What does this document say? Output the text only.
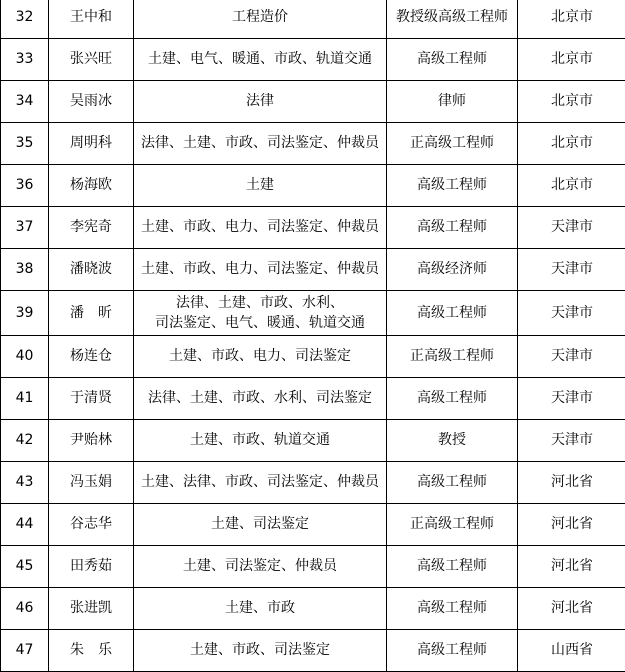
32	王中和	工程造价	教授级高级工程师	北京市
33	张兴旺	土建、电气、暖通、市政、轨道交通	高级工程师	北京市
34	吴雨冰	法律	律师	北京市
35	周明科	法律、土建、市政、司法鉴定、仲裁员	正高级工程师	北京市
36	杨海欧	土建	高级工程师	北京市
37	李宪奇	土建、市政、电力、司法鉴定、仲裁员	高级工程师	天津市
38	潘晓波	土建、市政、电力、司法鉴定、仲裁员	高级经济师	天津市
39	潘　昕	法律、土建、市政、水利、
司法鉴定、电气、暖通、轨道交通	高级工程师	天津市
40	杨连仓	土建、市政、电力、司法鉴定	正高级工程师	天津市
41	于清贤	法律、土建、市政、水利、司法鉴定	高级工程师	天津市
42	尹贻林	土建、市政、轨道交通	教授	天津市
43	冯玉娟	土建、法律、市政、司法鉴定、仲裁员	高级工程师	河北省
44	谷志华	土建、司法鉴定	正高级工程师	河北省
45	田秀茹	土建、司法鉴定、仲裁员	高级工程师	河北省
46	张进凯	土建、市政	高级工程师	河北省
47	朱　乐	土建、市政、司法鉴定	高级工程师	山西省
